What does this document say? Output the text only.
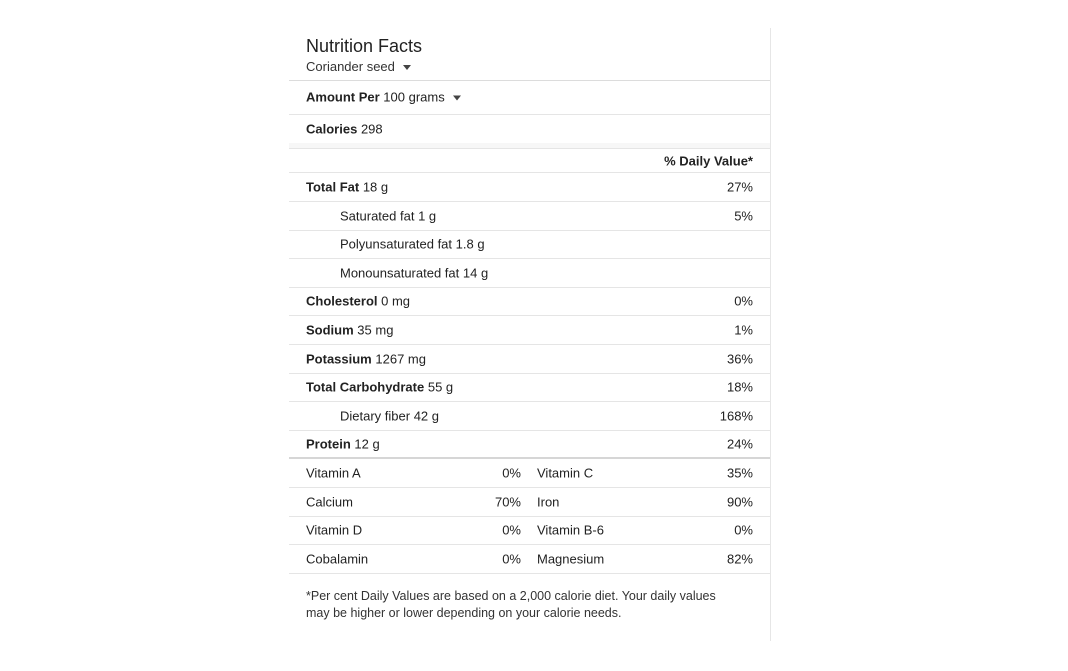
Nutrition Facts
Coriander seed
Amount Per
100 grams
Calories 298
% Daily Value*
Total Fat 18 g	27%
Saturated fat 1 g	5%
Polyunsaturated fat 1.8 g
Monounsaturated fat 14 g
Cholesterol 0 mg	0%
Sodium 35 mg	1%
Potassium 1267 mg	36%
Total Carbohydrate 55 g	18%
Dietary fiber 42 g	168%
Protein 12 g	24%
Vitamin A	0% Vitamin C	35%
Calcium	70% Iron	90%
Vitamin D	0% Vitamin B-6	0%
Cobalamin	0% Magnesium	82%
*Per cent Daily Values are based on a 2,000 calorie diet. Your daily values may be higher or lower depending on your calorie needs.
